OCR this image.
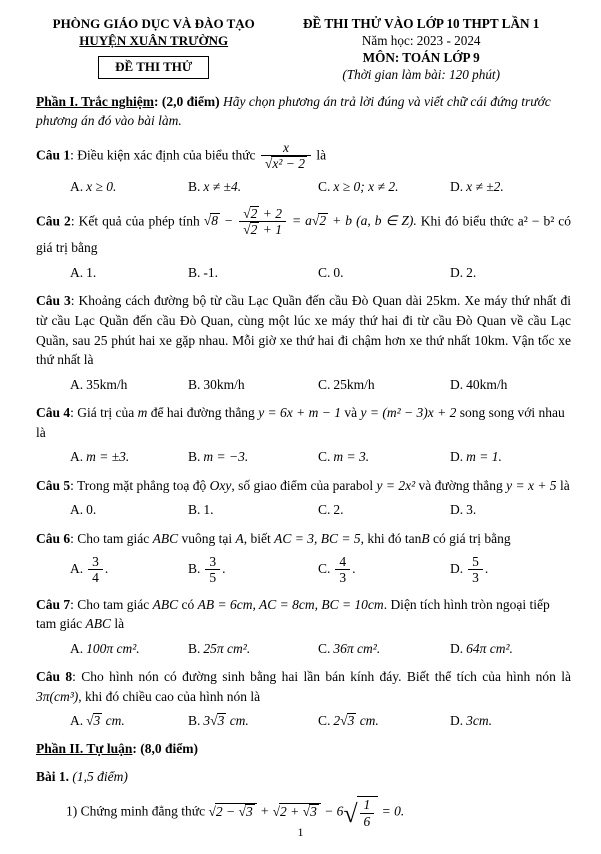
PHÒNG GIÁO DỤC VÀ ĐÀO TẠO
HUYỆN XUÂN TRƯỜNG
ĐỀ THI THỬ
ĐỀ THI THỬ VÀO LỚP 10 THPT LẦN 1
Năm học: 2023 - 2024
MÔN: TOÁN LỚP 9
(Thời gian làm bài: 120 phút)

Phần I. Trắc nghiệm: (2,0 điểm) Hãy chọn phương án trả lời đúng và viết chữ cái đứng trước phương án đó vào bài làm.

Câu 1: Điều kiện xác định của biểu thức x
√ x² − 2 là

A. x ≥ 0.	B. x ≠ ±4.	C. x ≥ 0; x ≠ 2.	D. x ≠ ±2.

Câu 2: Kết quả của phép tính √ 8 − √ 2 + 2
√ 2 + 1 = a √ 2 + b (a, b ∈ Z). Khi đó biểu thức a² − b² có giá trị bằng

A. 1.	B. -1.	C. 0.	D. 2.

Câu 3: Khoảng cách đường bộ từ cầu Lạc Quần đến cầu Đò Quan dài 25km. Xe máy thứ nhất đi từ cầu Lạc Quần đến cầu Đò Quan, cùng một lúc xe máy thứ hai đi từ cầu Đò Quan về cầu Lạc Quần, sau 25 phút hai xe gặp nhau. Mỗi giờ xe thứ hai đi chậm hơn xe thứ nhất 10km. Vận tốc xe thứ nhất là

A. 35km/h	B. 30km/h	C. 25km/h	D. 40km/h

Câu 4: Giá trị của m để hai đường thẳng y = 6x + m − 1 và y = (m² − 3)x + 2 song song với nhau là

A. m = ±3.	B. m = −3.	C. m = 3.	D. m = 1.

Câu 5: Trong mặt phẳng toạ độ Oxy, số giao điểm của parabol y = 2x² và đường thẳng y = x + 5 là

A. 0.	B. 1.	C. 2.	D. 3.

Câu 6: Cho tam giác ABC vuông tại A, biết AC = 3, BC = 5, khi đó tanB có giá trị bằng

A. $\frac{3}{4}$ .	B. $\frac{3}{5}$ .	C. $\frac{4}{3}$ .	D. $\frac{5}{3}$ .

Câu 7: Cho tam giác ABC có AB = 6cm, AC = 8cm, BC = 10cm. Diện tích hình tròn ngoại tiếp tam giác ABC là

A. 100π cm².	B. 25π cm².	C. 36π cm².	D. 64π cm².

Câu 8: Cho hình nón có đường sinh bằng hai lần bán kính đáy. Biết thể tích của hình nón là 3π(cm³), khi đó chiều cao của hình nón là

A. √ 3 cm.	B. 3 √ 3 cm.	C. 2 √ 3 cm.	D. 3cm.

Phần II. Tự luận: (8,0 điểm)

Bài 1. (1,5 điểm)

1) Chứng minh đẳng thức √ 2 − √ 3 + √ 2 + √ 3 − 6 √ $\frac{1}{6} = 0$.

1
